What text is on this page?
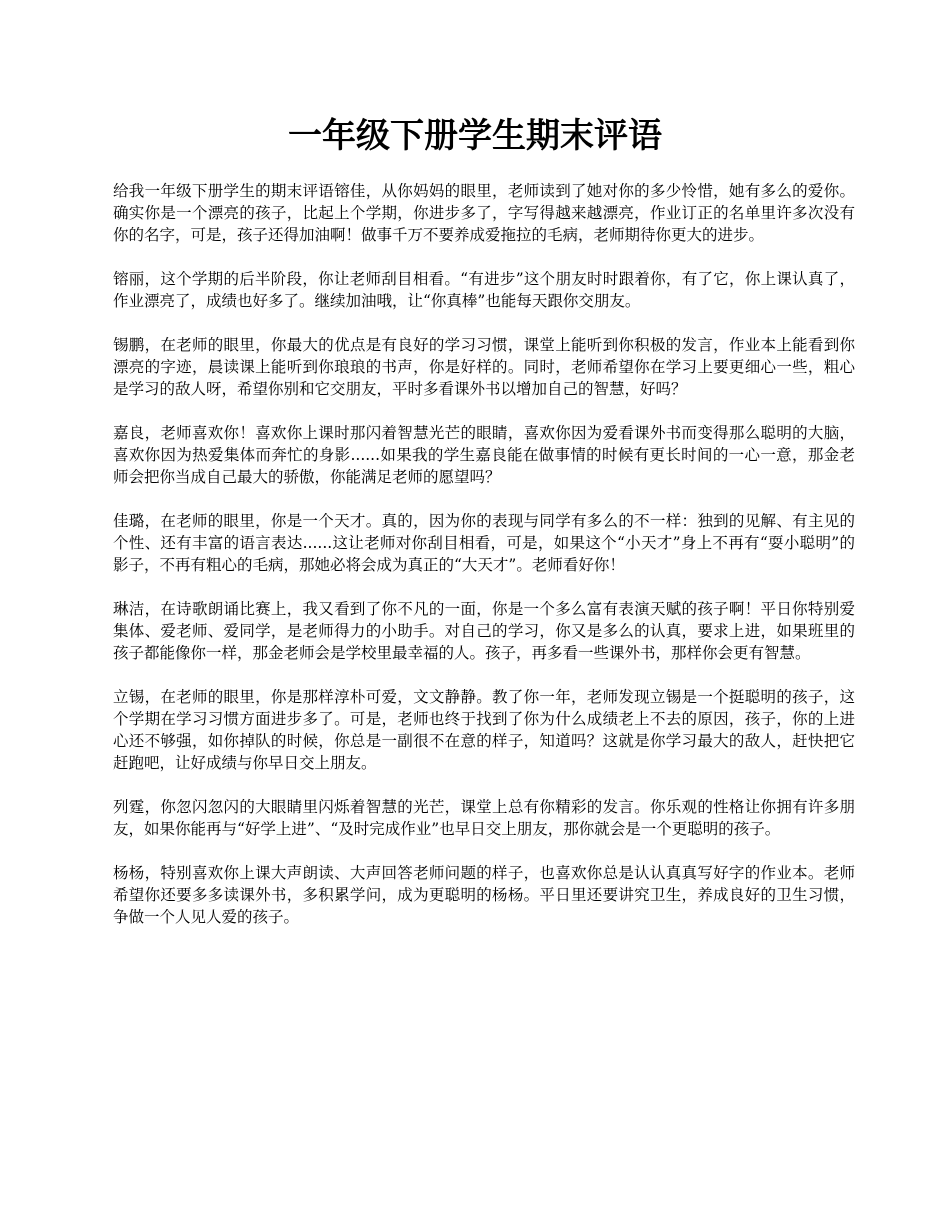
一年级下册学生期末评语

给我一年级下册学生的期末评语镕佳，从你妈妈的眼里，老师读到了她对你的多少怜惜，她有多么的爱你。确实你是一个漂亮的孩子，比起上个学期，你进步多了，字写得越来越漂亮，作业订正的名单里许多次没有你的名字，可是，孩子还得加油啊！做事千万不要养成爱拖拉的毛病，老师期待你更大的进步。

镕丽，这个学期的后半阶段，你让老师刮目相看。“有进步”这个朋友时时跟着你，有了它，你上课认真了，作业漂亮了，成绩也好多了。继续加油哦，让“你真棒”也能每天跟你交朋友。

锡鹏，在老师的眼里，你最大的优点是有良好的学习习惯，课堂上能听到你积极的发言，作业本上能看到你漂亮的字迹，晨读课上能听到你琅琅的书声，你是好样的。同时，老师希望你在学习上要更细心一些，粗心是学习的敌人呀，希望你别和它交朋友，平时多看课外书以增加自己的智慧，好吗？

嘉良，老师喜欢你！喜欢你上课时那闪着智慧光芒的眼睛，喜欢你因为爱看课外书而变得那么聪明的大脑，喜欢你因为热爱集体而奔忙的身影......如果我的学生嘉良能在做事情的时候有更长时间的一心一意，那金老师会把你当成自己最大的骄傲，你能满足老师的愿望吗？

佳璐，在老师的眼里，你是一个天才。真的，因为你的表现与同学有多么的不一样：独到的见解、有主见的个性、还有丰富的语言表达......这让老师对你刮目相看，可是，如果这个“小天才”身上不再有“耍小聪明”的影子，不再有粗心的毛病，那她必将会成为真正的“大天才”。老师看好你！

琳洁，在诗歌朗诵比赛上，我又看到了你不凡的一面，你是一个多么富有表演天赋的孩子啊！平日你特别爱集体、爱老师、爱同学，是老师得力的小助手。对自己的学习，你又是多么的认真，要求上进，如果班里的孩子都能像你一样，那金老师会是学校里最幸福的人。孩子，再多看一些课外书，那样你会更有智慧。

立锡，在老师的眼里，你是那样淳朴可爱，文文静静。教了你一年，老师发现立锡是一个挺聪明的孩子，这个学期在学习习惯方面进步多了。可是，老师也终于找到了你为什么成绩老上不去的原因，孩子，你的上进心还不够强，如你掉队的时候，你总是一副很不在意的样子，知道吗？这就是你学习最大的敌人，赶快把它赶跑吧，让好成绩与你早日交上朋友。

列霆，你忽闪忽闪的大眼睛里闪烁着智慧的光芒，课堂上总有你精彩的发言。你乐观的性格让你拥有许多朋友，如果你能再与“好学上进”、“及时完成作业”也早日交上朋友，那你就会是一个更聪明的孩子。

杨杨，特别喜欢你上课大声朗读、大声回答老师问题的样子，也喜欢你总是认认真真写好字的作业本。老师希望你还要多多读课外书，多积累学问，成为更聪明的杨杨。平日里还要讲究卫生，养成良好的卫生习惯，争做一个人见人爱的孩子。
